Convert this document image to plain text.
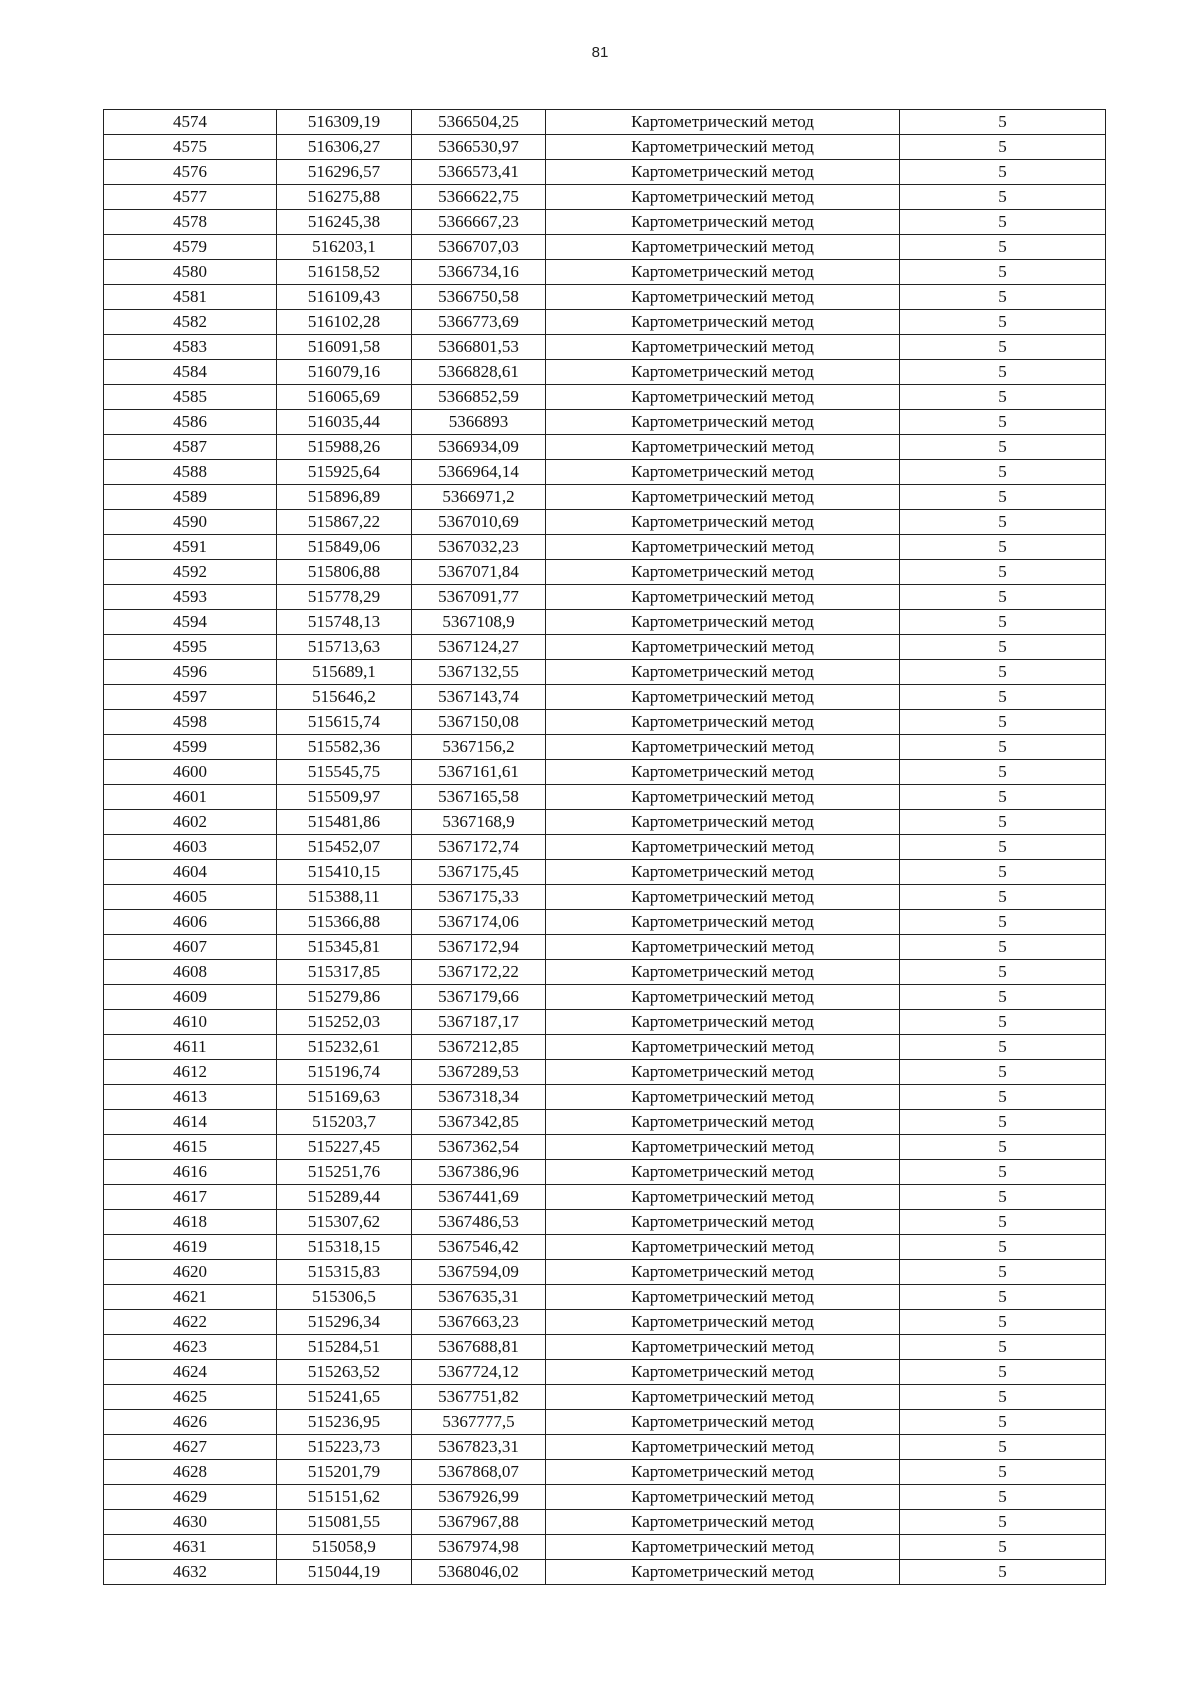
81
4574	516309,19	5366504,25	Картометрический метод	5
4575	516306,27	5366530,97	Картометрический метод	5
4576	516296,57	5366573,41	Картометрический метод	5
4577	516275,88	5366622,75	Картометрический метод	5
4578	516245,38	5366667,23	Картометрический метод	5
4579	516203,1	5366707,03	Картометрический метод	5
4580	516158,52	5366734,16	Картометрический метод	5
4581	516109,43	5366750,58	Картометрический метод	5
4582	516102,28	5366773,69	Картометрический метод	5
4583	516091,58	5366801,53	Картометрический метод	5
4584	516079,16	5366828,61	Картометрический метод	5
4585	516065,69	5366852,59	Картометрический метод	5
4586	516035,44	5366893	Картометрический метод	5
4587	515988,26	5366934,09	Картометрический метод	5
4588	515925,64	5366964,14	Картометрический метод	5
4589	515896,89	5366971,2	Картометрический метод	5
4590	515867,22	5367010,69	Картометрический метод	5
4591	515849,06	5367032,23	Картометрический метод	5
4592	515806,88	5367071,84	Картометрический метод	5
4593	515778,29	5367091,77	Картометрический метод	5
4594	515748,13	5367108,9	Картометрический метод	5
4595	515713,63	5367124,27	Картометрический метод	5
4596	515689,1	5367132,55	Картометрический метод	5
4597	515646,2	5367143,74	Картометрический метод	5
4598	515615,74	5367150,08	Картометрический метод	5
4599	515582,36	5367156,2	Картометрический метод	5
4600	515545,75	5367161,61	Картометрический метод	5
4601	515509,97	5367165,58	Картометрический метод	5
4602	515481,86	5367168,9	Картометрический метод	5
4603	515452,07	5367172,74	Картометрический метод	5
4604	515410,15	5367175,45	Картометрический метод	5
4605	515388,11	5367175,33	Картометрический метод	5
4606	515366,88	5367174,06	Картометрический метод	5
4607	515345,81	5367172,94	Картометрический метод	5
4608	515317,85	5367172,22	Картометрический метод	5
4609	515279,86	5367179,66	Картометрический метод	5
4610	515252,03	5367187,17	Картометрический метод	5
4611	515232,61	5367212,85	Картометрический метод	5
4612	515196,74	5367289,53	Картометрический метод	5
4613	515169,63	5367318,34	Картометрический метод	5
4614	515203,7	5367342,85	Картометрический метод	5
4615	515227,45	5367362,54	Картометрический метод	5
4616	515251,76	5367386,96	Картометрический метод	5
4617	515289,44	5367441,69	Картометрический метод	5
4618	515307,62	5367486,53	Картометрический метод	5
4619	515318,15	5367546,42	Картометрический метод	5
4620	515315,83	5367594,09	Картометрический метод	5
4621	515306,5	5367635,31	Картометрический метод	5
4622	515296,34	5367663,23	Картометрический метод	5
4623	515284,51	5367688,81	Картометрический метод	5
4624	515263,52	5367724,12	Картометрический метод	5
4625	515241,65	5367751,82	Картометрический метод	5
4626	515236,95	5367777,5	Картометрический метод	5
4627	515223,73	5367823,31	Картометрический метод	5
4628	515201,79	5367868,07	Картометрический метод	5
4629	515151,62	5367926,99	Картометрический метод	5
4630	515081,55	5367967,88	Картометрический метод	5
4631	515058,9	5367974,98	Картометрический метод	5
4632	515044,19	5368046,02	Картометрический метод	5
